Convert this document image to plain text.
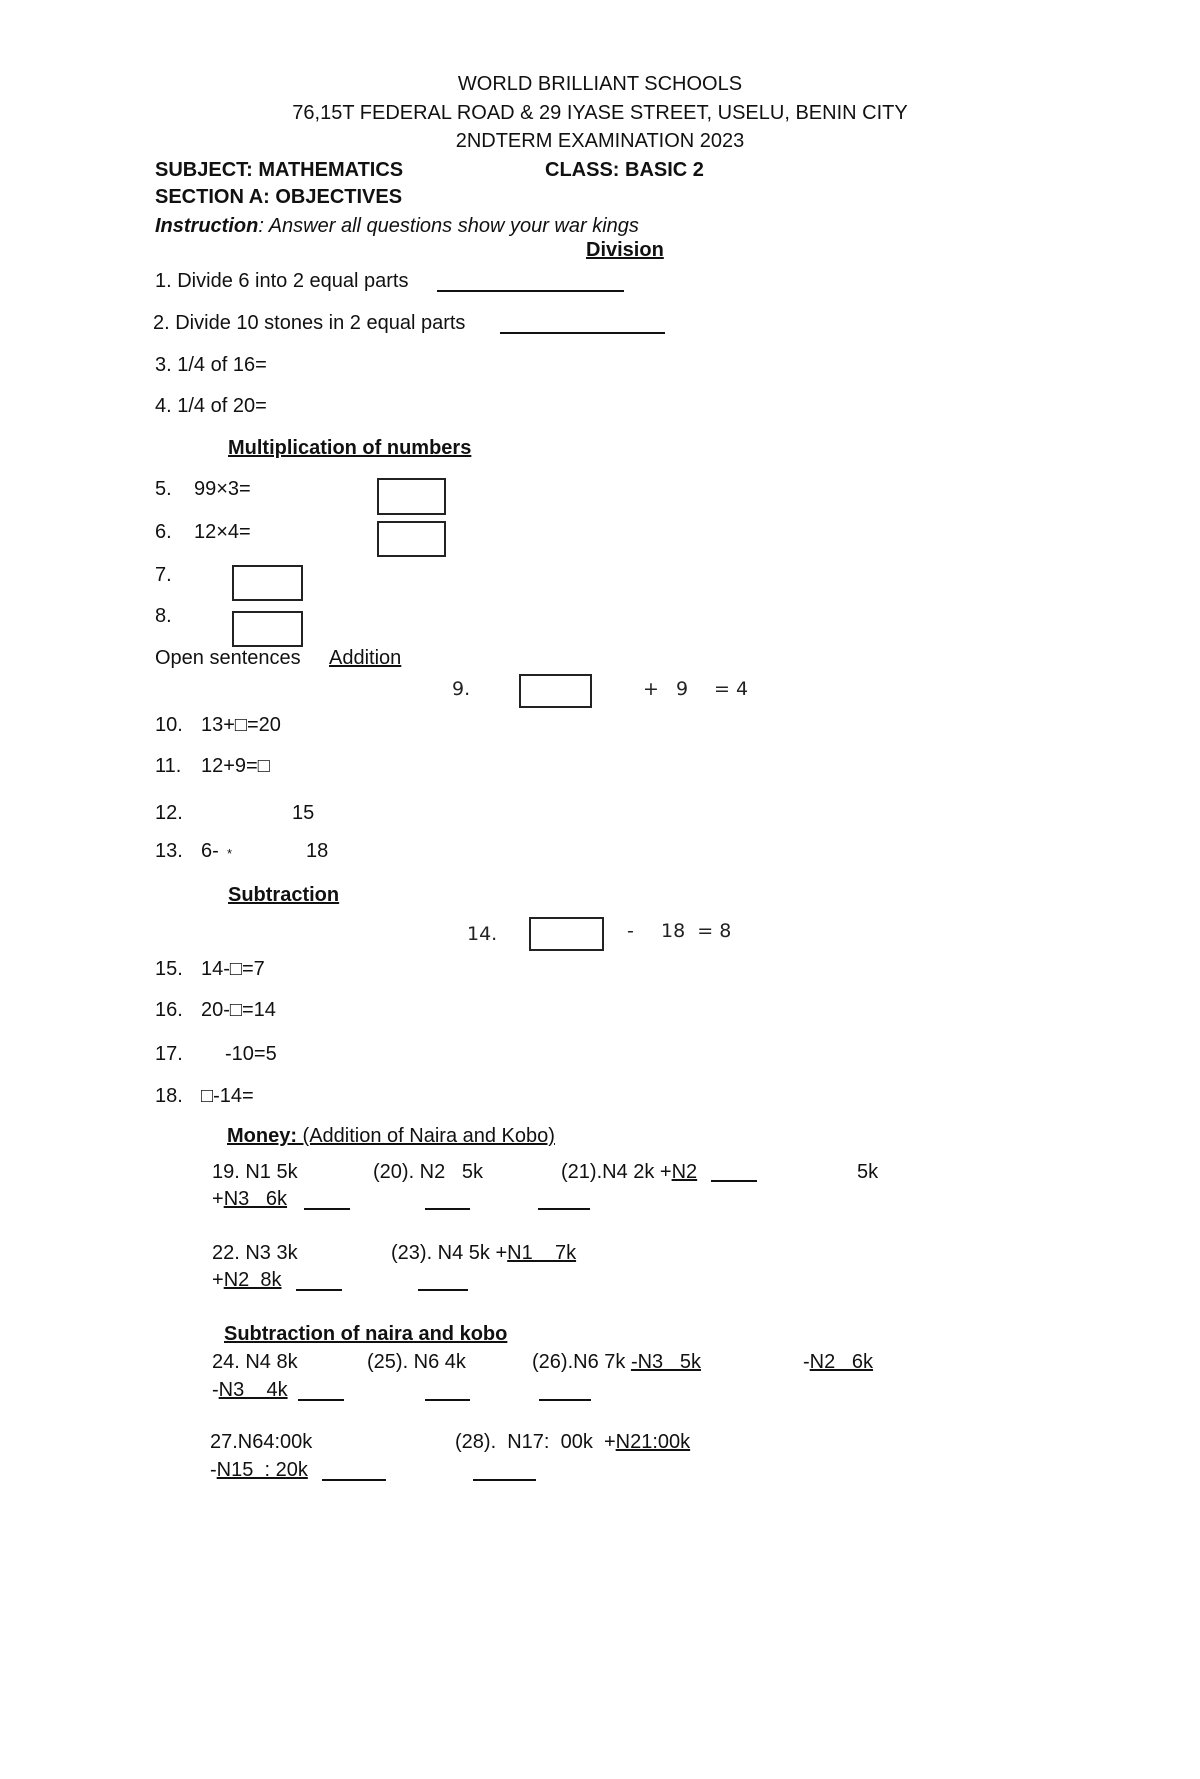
WORLD BRILLIANT SCHOOLS
76,15T FEDERAL ROAD & 29 IYASE STREET, USELU, BENIN CITY
2NDTERM EXAMINATION 2023
SUBJECT: MATHEMATICS	CLASS: BASIC 2
SECTION A: OBJECTIVES
Instruction: Answer all questions show your war kings
Division
1. Divide 6 into 2 equal parts
2. Divide 10 stones in 2 equal parts
3. 1/4 of 16=
4. 1/4 of 20=
Multiplication of numbers
5. 99×3=
6. 12×4=
7.
8.
Open sentences Addition
9.	+ 9 = 4
10. 13+□=20
11. 12+9=□
12.	15
13. 6- *	18
Subtraction
14.	- 18  = 8
15. 14-□=7
16. 20-□=14
17. -10=5
18. □-14=
Money: (Addition of Naira and Kobo)
19. N1 5k	(20). N2   5k	(21).N4 2k +N2	5k
+N3   6k
22. N3 3k	(23). N4 5k +N1    7k
+N2  8k
Subtraction of naira and kobo
24. N4 8k	(25). N6 4k	(26).N6 7k -N3   5k	-N2   6k
-N3    4k
27.N64:00k	(28).  N17:  00k  +N21:00k
-N15  : 20k
